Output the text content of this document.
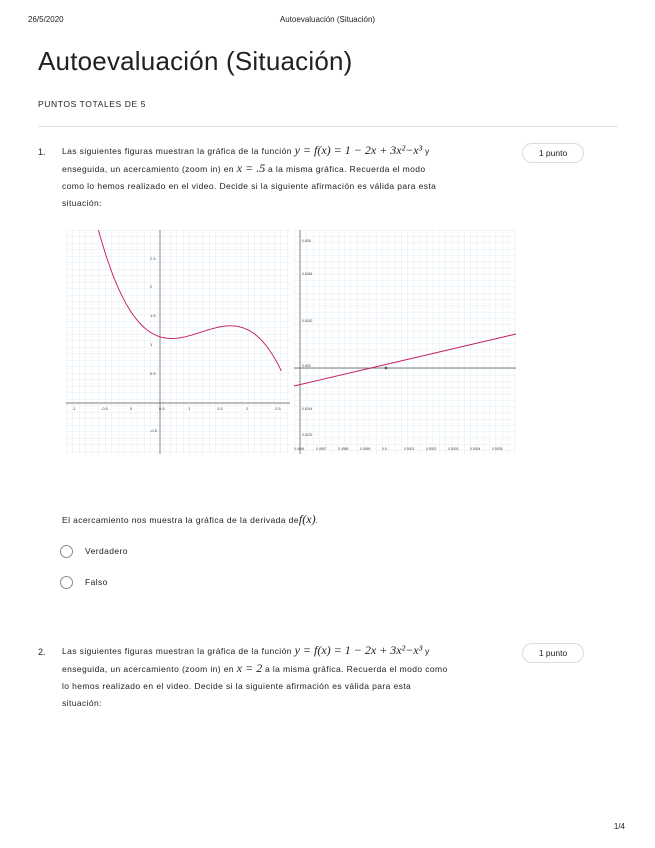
26/5/2020	Autoevaluación (Situación)
Autoevaluación (Situación)
PUNTOS TOTALES DE 5
1. Las siguientes figuras muestran la gráfica de la función y = f(x) = 1 − 2x + 3x²−x³ y
enseguida, un acercamiento (zoom in) en x = .5 a la misma gráfica. Recuerda el modo
como lo hemos realizado en el video. Decide si la siguiente afirmación es válida para esta
situación:
1 punto
-1	-0.5	0	0.5	1	1.5	2	2.5
2.5
2
1.5
1
0.5
-0.5
0.4964	0.4967	0.4968	0.4969	0.5	0.5001	0.5002	0.5003	0.5004	0.5005
0.628
0.6264
0.6262
0.625
0.6244
0.6232
El acercamiento nos muestra la gráfica de la derivada def(x).
Verdadero
Falso
2. Las siguientes figuras muestran la gráfica de la función y = f(x) = 1 − 2x + 3x²−x³ y
enseguida, un acercamiento (zoom in) en x = 2 a la misma gráfica. Recuerda el modo como
lo hemos realizado en el video. Decide si la siguiente afirmación es válida para esta
situación:
1 punto
1/4
